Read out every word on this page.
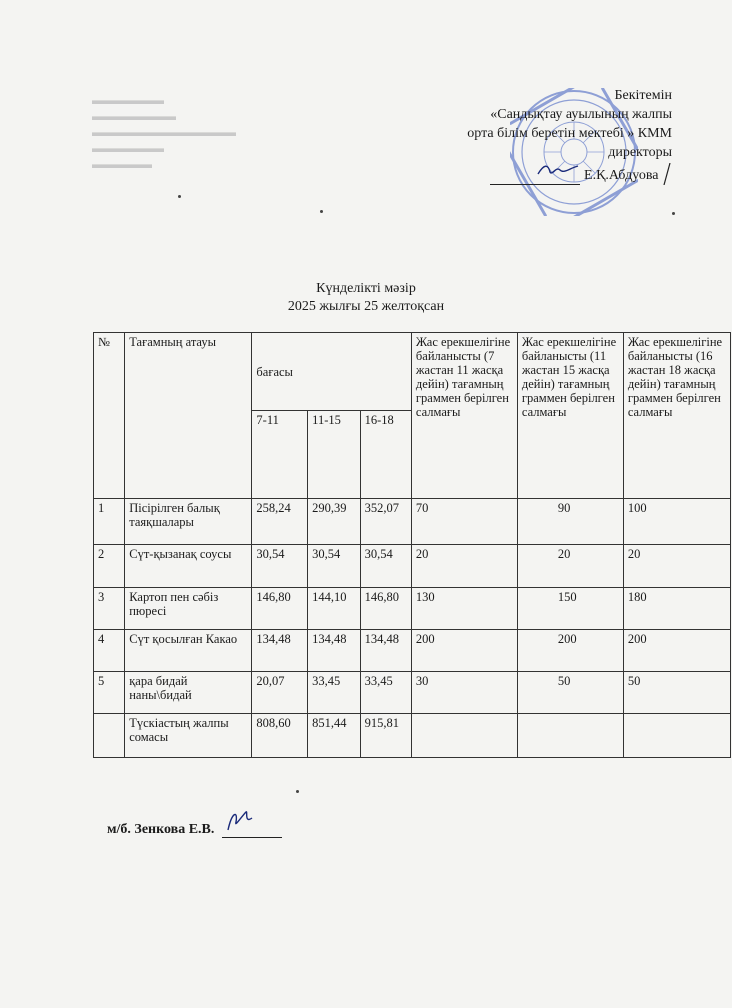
▬▬▬▬▬▬
▬▬▬▬▬▬▬
▬▬▬▬▬▬▬▬▬▬▬▬
▬▬▬▬▬▬
▬▬▬▬▬
Бекітемін
«Сандықтау ауылының жалпы
орта білім беретін мектебі » КММ
директоры
Е.Қ.Абдуова
Күнделікті мәзір
2025 жылғы 25 желтоқсан
№	Тағамның атауы	бағасы			Жас ерекшелігіне байланысты (7 жастан 11 жасқа дейін) тағамның граммен берілген салмағы	Жас ерекшелігіне байланысты (11 жастан 15 жасқа дейін) тағамның граммен берілген салмағы	Жас ерекшелігіне байланысты (16 жастан 18 жасқа дейін) тағамның граммен берілген салмағы
		7-11	11-15	16-18			
1	Пісірілген балық таяқшалары	258,24	290,39	352,07	70	90	100
2	Сүт-қызанақ соусы	30,54	30,54	30,54	20	20	20
3	Картоп пен сәбіз пюресі	146,80	144,10	146,80	130	150	180
4	Сүт қосылған Какао	134,48	134,48	134,48	200	200	200
5	қара бидай наны\бидай	20,07	33,45	33,45	30	50	50
	Түскіастың жалпы сомасы	808,60	851,44	915,81			
м/б. Зенкова Е.В.
